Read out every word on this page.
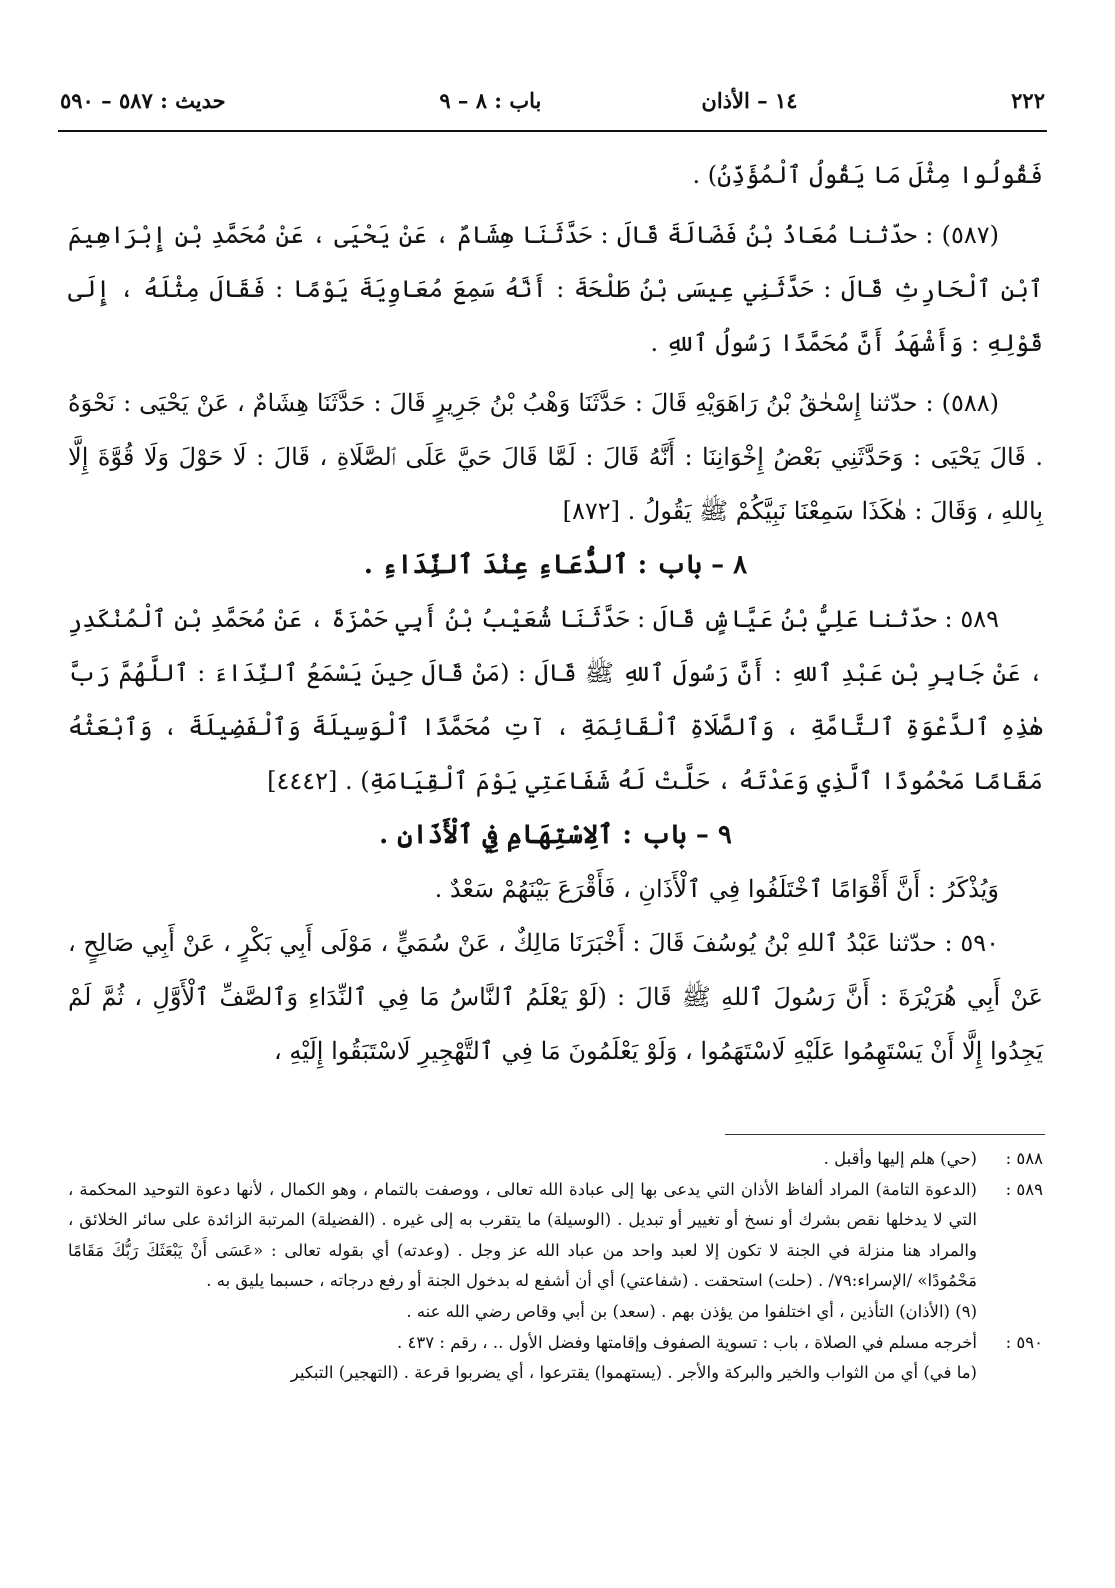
٢٢٢
١٤ – الأذان
باب : ٨ – ٩
حديث : ٥٨٧ – ٥٩٠

فَقُولُوا مِثْلَ مَا يَقُولُ ٱلْمُؤَذِّنُ) .

(٥٨٧) : حدّثنا مُعَاذُ بْنُ فَضَالَةَ قَالَ : حَدَّثَنَا هِشَامٌ ، عَنْ يَحْيَى ، عَنْ مُحَمَّدِ بْنِ إِبْرَاهِيمَ ٱبْنِ ٱلْحَارِثِ قَالَ : حَدَّثَنِي عِيسَى بْنُ طَلْحَةَ : أَنَّهُ سَمِعَ مُعَاوِيَةَ يَوْمًا : فَقَالَ مِثْلَهُ ، إِلَى قَوْلِهِ : وَأَشْهَدُ أَنَّ مُحَمَّدًا رَسُولُ ٱللهِ .

(٥٨٨) : حدّثنا إِسْحٰقُ بْنُ رَاهَوَيْهِ قَالَ : حَدَّثَنَا وَهْبُ بْنُ جَرِيرٍ قَالَ : حَدَّثَنَا هِشَامٌ ، عَنْ يَحْيَى : نَحْوَهُ . قَالَ يَحْيَى : وَحَدَّثَنِي بَعْضُ إِخْوَانِنَا : أَنَّهُ قَالَ : لَمَّا قَالَ حَيَّ عَلَى ٱلصَّلَاةِ ، قَالَ : لَا حَوْلَ وَلَا قُوَّةَ إِلَّا بِاللهِ ، وَقَالَ : هٰكَذَا سَمِعْنَا نَبِيَّكُمْ ﷺ يَقُولُ . [٨٧٢]

٨ – باب : ٱلدُّعَاءِ عِنْدَ ٱلنِّدَاءِ .

٥٨٩ : حدّثنا عَلِيُّ بْنُ عَيَّاشٍ قَالَ : حَدَّثَنَا شُعَيْبُ بْنُ أَبِي حَمْزَةَ ، عَنْ مُحَمَّدِ بْنِ ٱلْمُنْكَدِرِ ، عَنْ جَابِرِ بْنِ عَبْدِ ٱللهِ : أَنَّ رَسُولَ ٱللهِ ﷺ قَالَ : (مَنْ قَالَ حِينَ يَسْمَعُ ٱلنِّدَاءَ : ٱللَّهُمَّ رَبَّ هٰذِهِ ٱلدَّعْوَةِ ٱلتَّامَّةِ ، وَٱلصَّلَاةِ ٱلْقَائِمَةِ ، آتِ مُحَمَّدًا ٱلْوَسِيلَةَ وَٱلْفَضِيلَةَ ، وَٱبْعَثْهُ مَقَامًا مَحْمُودًا ٱلَّذِي وَعَدْتَهُ ، حَلَّتْ لَهُ شَفَاعَتِي يَوْمَ ٱلْقِيَامَةِ) . [٤٤٤٢]

٩ – باب : ٱلِاسْتِهَامِ فِي ٱلْأَذَانِ .

وَيُذْكَرُ : أَنَّ أَقْوَامًا ٱخْتَلَفُوا فِي ٱلْأَذَانِ ، فَأَقْرَعَ بَيْنَهُمْ سَعْدٌ .

٥٩٠ : حدّثنا عَبْدُ ٱللهِ بْنُ يُوسُفَ قَالَ : أَخْبَرَنَا مَالِكٌ ، عَنْ سُمَيٍّ ، مَوْلَى أَبِي بَكْرٍ ، عَنْ أَبِي صَالِحٍ ، عَنْ أَبِي هُرَيْرَةَ : أَنَّ رَسُولَ ٱللهِ ﷺ قَالَ : (لَوْ يَعْلَمُ ٱلنَّاسُ مَا فِي ٱلنِّدَاءِ وَٱلصَّفِّ ٱلْأَوَّلِ ، ثُمَّ لَمْ يَجِدُوا إِلَّا أَنْ يَسْتَهِمُوا عَلَيْهِ لَاسْتَهَمُوا ، وَلَوْ يَعْلَمُونَ مَا فِي ٱلتَّهْجِيرِ لَاسْتَبَقُوا إِلَيْهِ ،

٥٨٨ :

(حي) هلم إليها وأقبل .

٥٨٩ :

(الدعوة التامة) المراد ألفاظ الأذان التي يدعى بها إلى عبادة الله تعالى ، ووصفت بالتمام ، وهو الكمال ، لأنها دعوة التوحيد المحكمة ، التي لا يدخلها نقص بشرك أو نسخ أو تغيير أو تبديل . (الوسيلة) ما يتقرب به إلى غيره . (الفضيلة) المرتبة الزائدة على سائر الخلائق ، والمراد هنا منزلة في الجنة لا تكون إلا لعبد واحد من عباد الله عز وجل . (وعدته) أي بقوله تعالى : «عَسَى أَنْ يَبْعَثَكَ رَبُّكَ مَقَامًا مَحْمُودًا» /الإسراء:٧٩/ . (حلت) استحقت . (شفاعتي) أي أن أشفع له بدخول الجنة أو رفع درجاته ، حسبما يليق به .

(٩) (الأذان) التأذين ، أي اختلفوا من يؤذن بهم . (سعد) بن أبي وقاص رضي الله عنه .

٥٩٠ :

أخرجه مسلم في الصلاة ، باب : تسوية الصفوف وإقامتها وفضل الأول .. ، رقم : ٤٣٧ .

(ما في) أي من الثواب والخير والبركة والأجر . (يستهموا) يقترعوا ، أي يضربوا قرعة . (التهجير) التبكير
